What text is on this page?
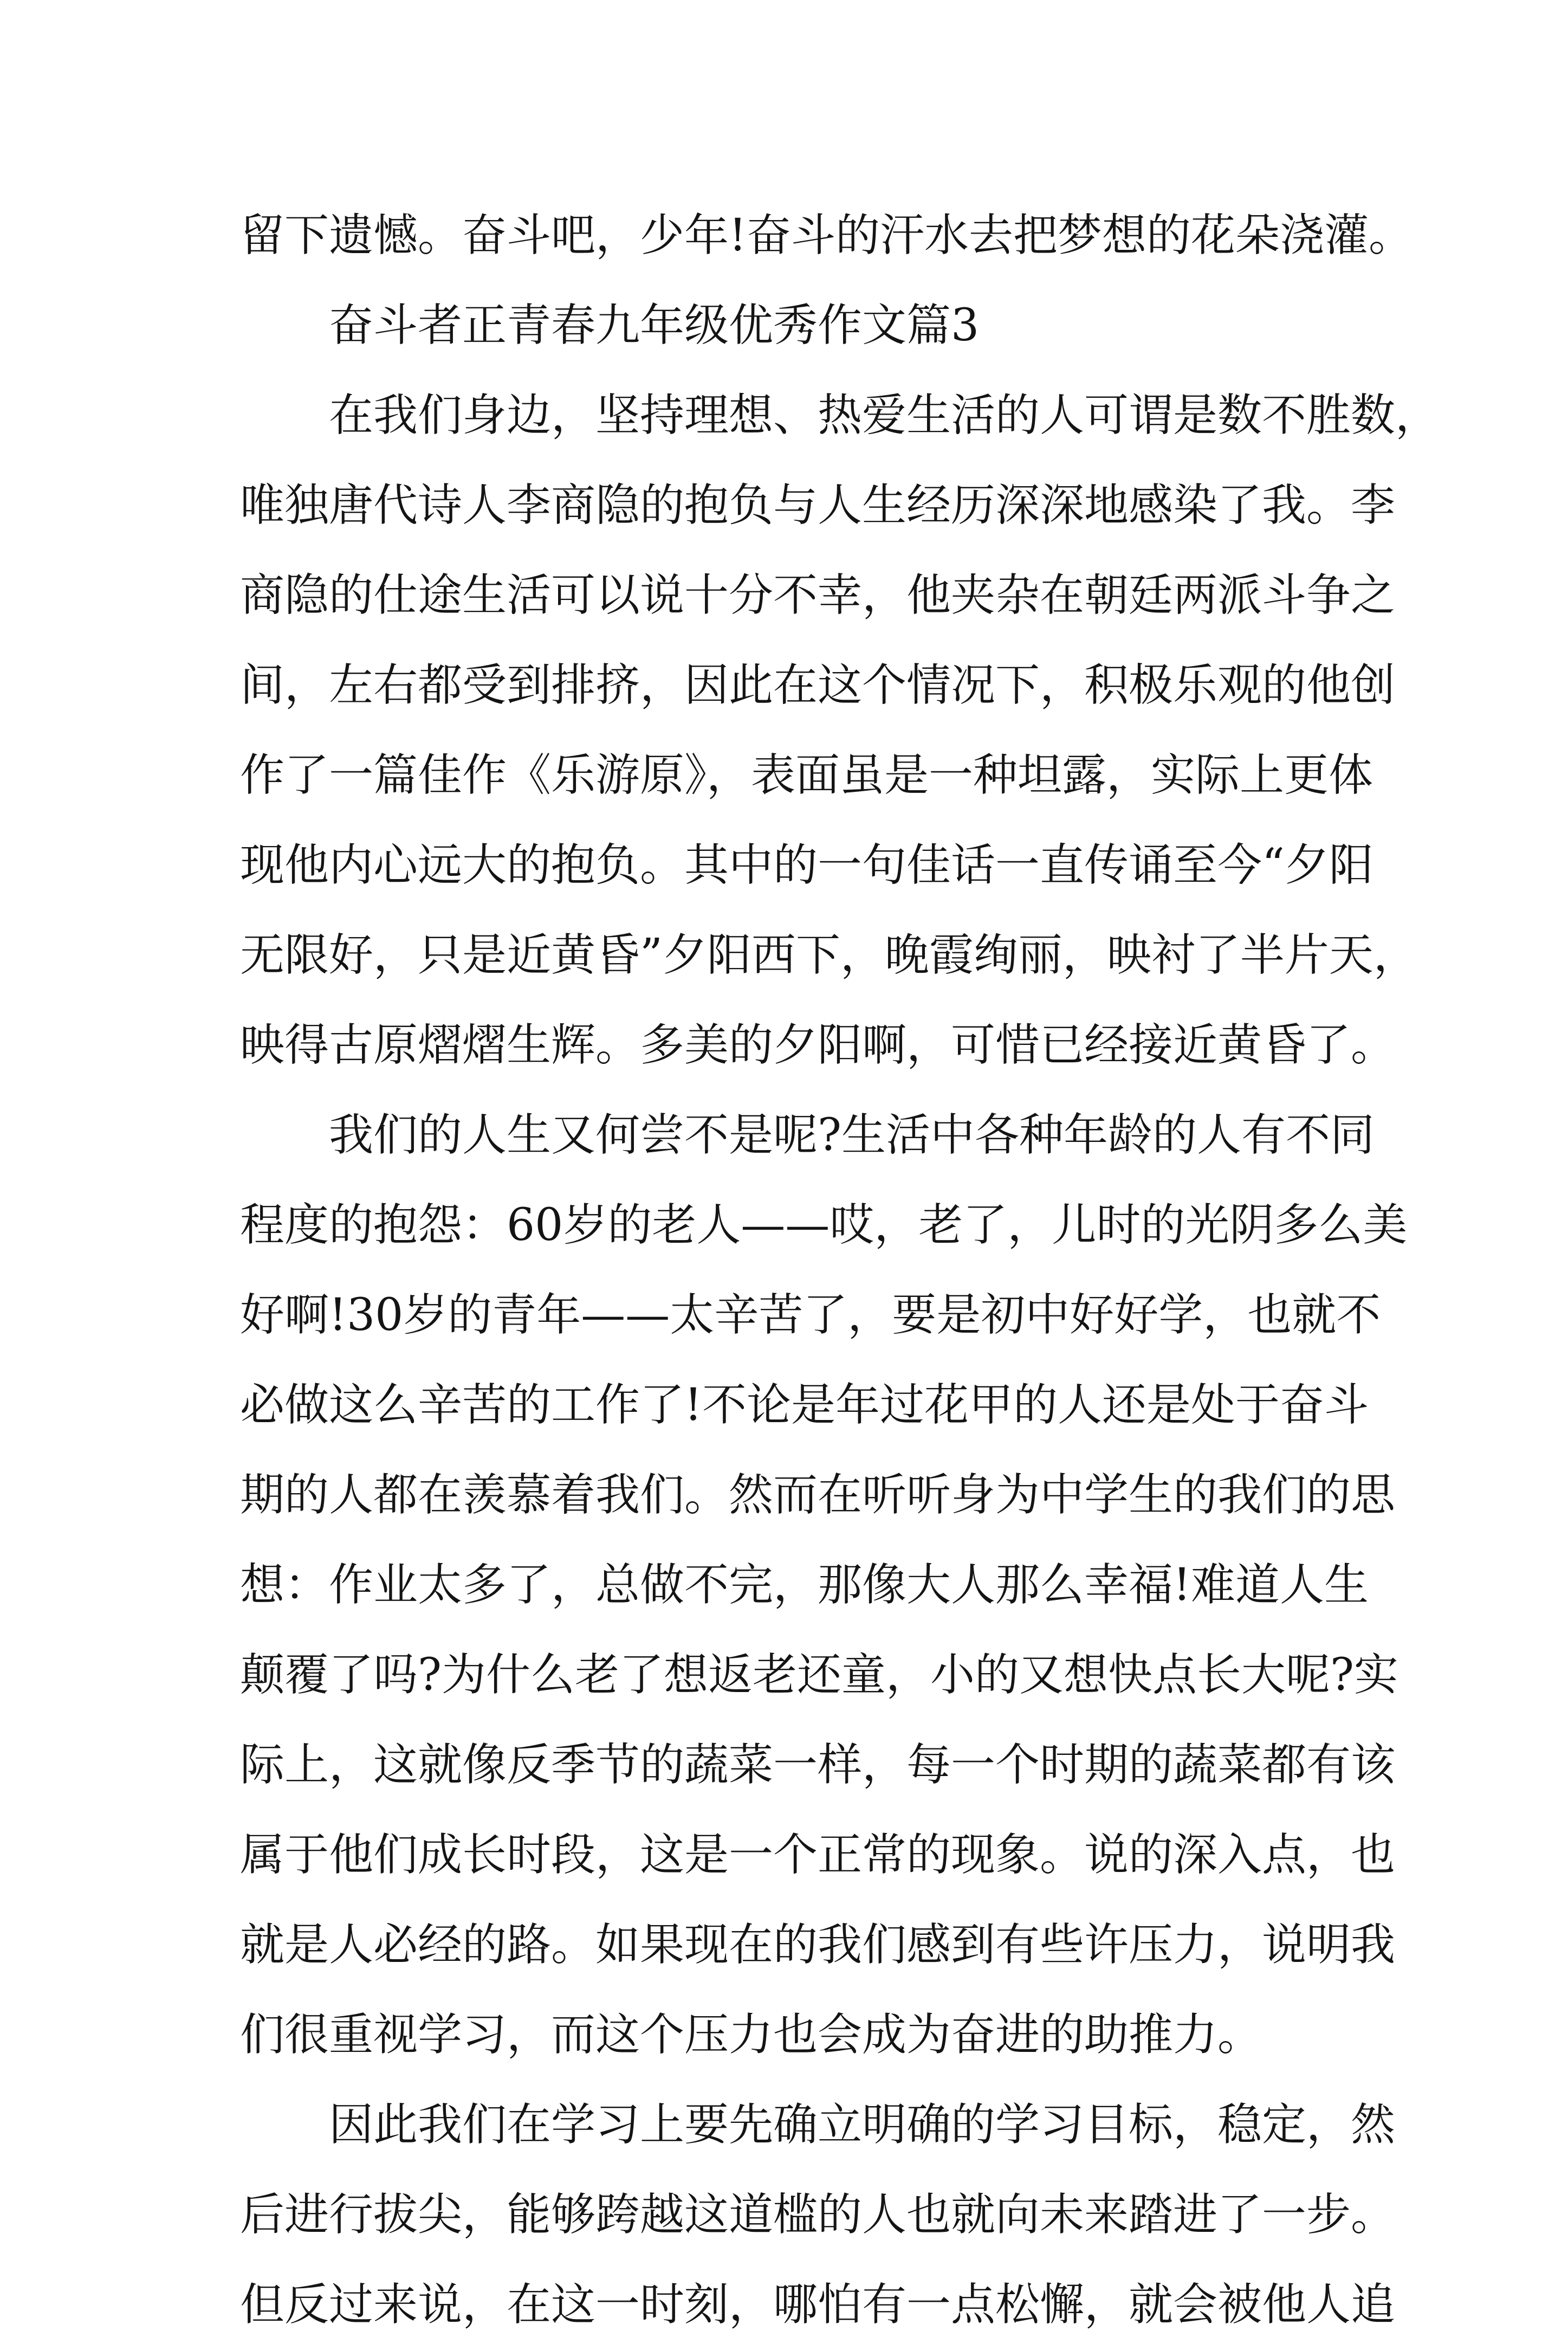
留下遗憾。奋斗吧，少年!奋斗的汗水去把梦想的花朵浇灌。
奋斗者正青春九年级优秀作文篇3
在我们身边，坚持理想、热爱生活的人可谓是数不胜数，
唯独唐代诗人李商隐的抱负与人生经历深深地感染了我。李
商隐的仕途生活可以说十分不幸，他夹杂在朝廷两派斗争之
间，左右都受到排挤，因此在这个情况下，积极乐观的他创
作了一篇佳作《乐游原》，表面虽是一种坦露，实际上更体
现他内心远大的抱负。其中的一句佳话一直传诵至今“夕阳
无限好，只是近黄昏”夕阳西下，晚霞绚丽，映衬了半片天，
映得古原熠熠生辉。多美的夕阳啊，可惜已经接近黄昏了。
我们的人生又何尝不是呢?生活中各种年龄的人有不同
程度的抱怨：60岁的老人——哎，老了，儿时的光阴多么美
好啊!30岁的青年——太辛苦了，要是初中好好学，也就不
必做这么辛苦的工作了!不论是年过花甲的人还是处于奋斗
期的人都在羡慕着我们。然而在听听身为中学生的我们的思
想：作业太多了，总做不完，那像大人那么幸福!难道人生
颠覆了吗?为什么老了想返老还童，小的又想快点长大呢?实
际上，这就像反季节的蔬菜一样，每一个时期的蔬菜都有该
属于他们成长时段，这是一个正常的现象。说的深入点，也
就是人必经的路。如果现在的我们感到有些许压力，说明我
们很重视学习，而这个压力也会成为奋进的助推力。
因此我们在学习上要先确立明确的学习目标，稳定，然
后进行拔尖，能够跨越这道槛的人也就向未来踏进了一步。
但反过来说，在这一时刻，哪怕有一点松懈，就会被他人追
